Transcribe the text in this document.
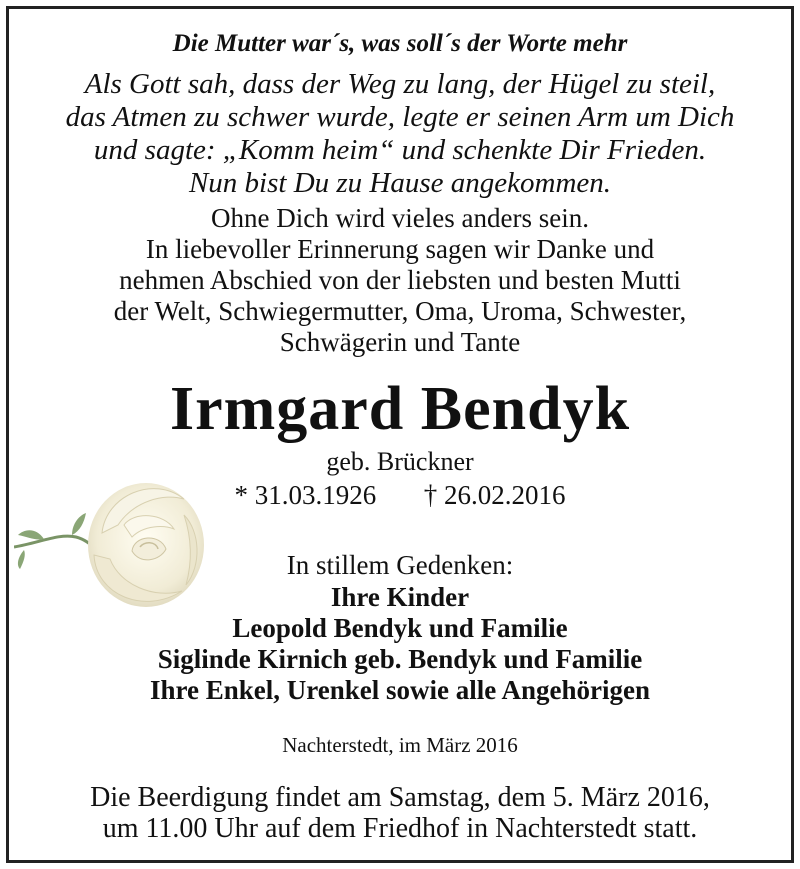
Die Mutter war´s, was soll´s der Worte mehr
Als Gott sah, dass der Weg zu lang, der Hügel zu steil,
das Atmen zu schwer wurde, legte er seinen Arm um Dich
und sagte: „Komm heim“ und schenkte Dir Frieden.
Nun bist Du zu Hause angekommen.
Ohne Dich wird vieles anders sein.
In liebevoller Erinnerung sagen wir Danke und
nehmen Abschied von der liebsten und besten Mutti
der Welt, Schwiegermutter, Oma, Uroma, Schwester,
Schwägerin und Tante
Irmgard Bendyk
geb. Brückner
* 31.03.1926 † 26.02.2016
In stillem Gedenken:
Ihre Kinder
Leopold Bendyk und Familie
Siglinde Kirnich geb. Bendyk und Familie
Ihre Enkel, Urenkel sowie alle Angehörigen
Nachterstedt, im März 2016
Die Beerdigung findet am Samstag, dem 5. März 2016,
um 11.00 Uhr auf dem Friedhof in Nachterstedt statt.
